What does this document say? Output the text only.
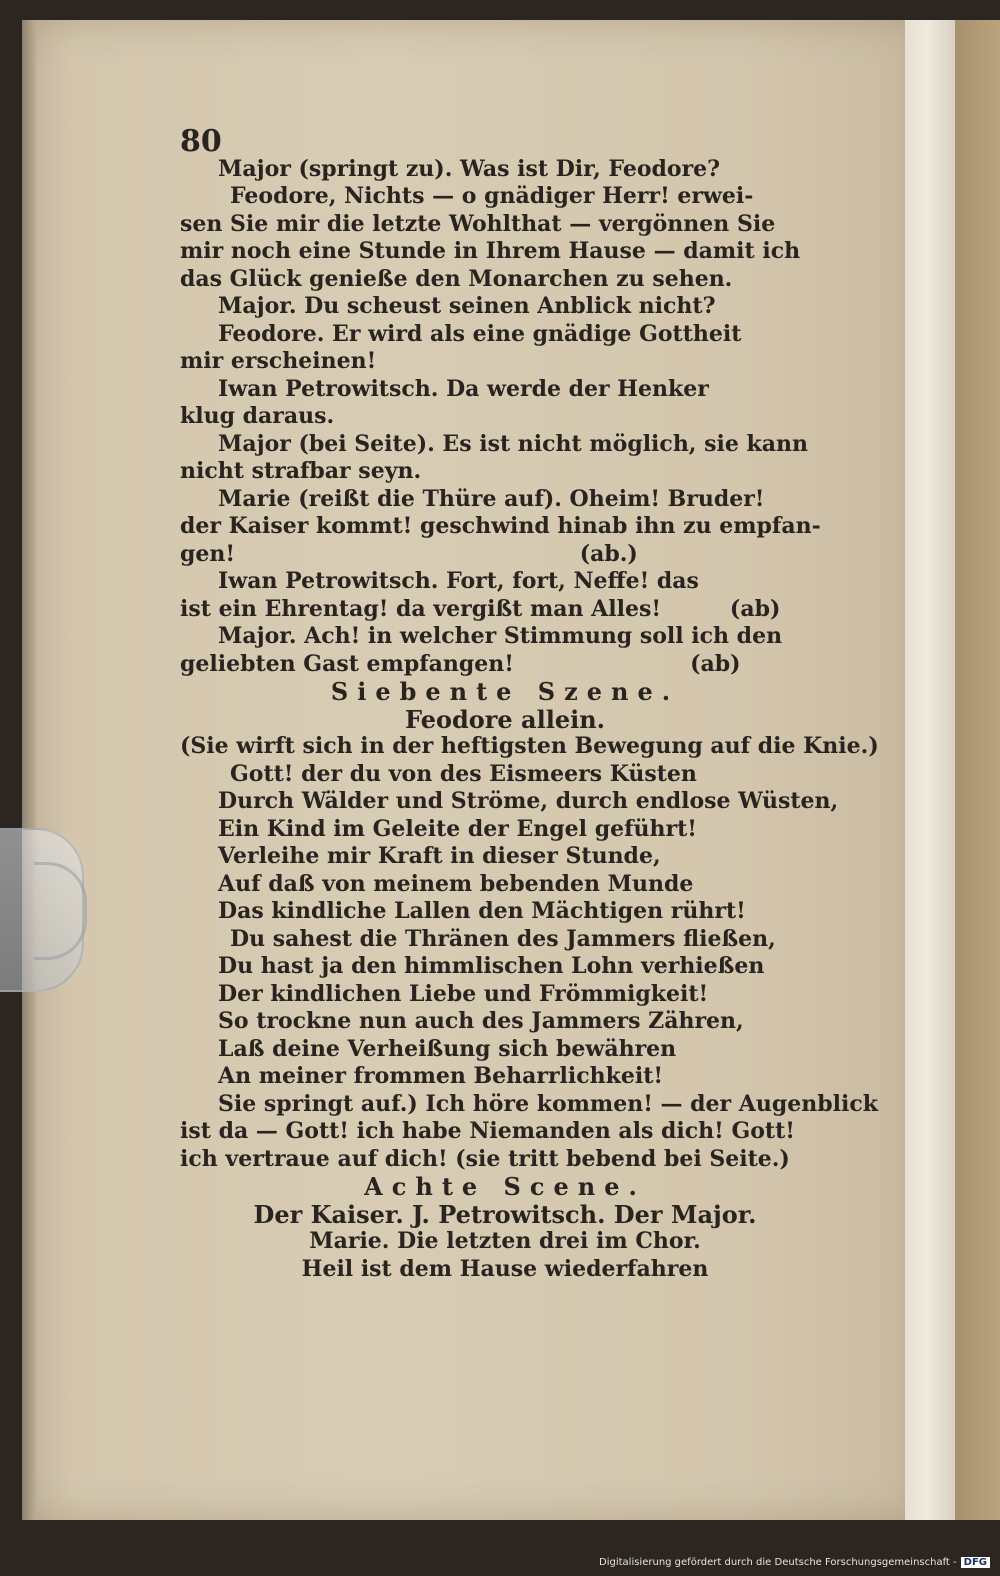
80

Major (springt zu). Was ist Dir, Feodore?

Feodore, Nichts — o gnädiger Herr! erwei-

sen Sie mir die letzte Wohlthat — vergönnen Sie

mir noch eine Stunde in Ihrem Hause — damit ich

das Glück genieße den Monarchen zu sehen.

Major. Du scheust seinen Anblick nicht?

Feodore. Er wird als eine gnädige Gottheit

mir erscheinen!

Iwan Petrowitsch. Da werde der Henker

klug daraus.

Major (bei Seite). Es ist nicht möglich, sie kann

nicht strafbar seyn.

Marie (reißt die Thüre auf). Oheim! Bruder!

der Kaiser kommt! geschwind hinab ihn zu empfan-

gen!                                             (ab.)

Iwan Petrowitsch. Fort, fort, Neffe! das

ist ein Ehrentag! da vergißt man Alles!         (ab)

Major. Ach! in welcher Stimmung soll ich den

geliebten Gast empfangen!                       (ab)

Siebente Szene.

Feodore allein.

(Sie wirft sich in der heftigsten Bewegung auf die Knie.)

Gott! der du von des Eismeers Küsten

Durch Wälder und Ströme, durch endlose Wüsten,

Ein Kind im Geleite der Engel geführt!

Verleihe mir Kraft in dieser Stunde,

Auf daß von meinem bebenden Munde

Das kindliche Lallen den Mächtigen rührt!

Du sahest die Thränen des Jammers fließen,

Du hast ja den himmlischen Lohn verhießen

Der kindlichen Liebe und Frömmigkeit!

So trockne nun auch des Jammers Zähren,

Laß deine Verheißung sich bewähren

An meiner frommen Beharrlichkeit!

Sie springt auf.) Ich höre kommen! — der Augenblick

ist da — Gott! ich habe Niemanden als dich! Gott!

ich vertraue auf dich! (sie tritt bebend bei Seite.)

Achte Scene.

Der Kaiser. J. Petrowitsch. Der Major.

Marie. Die letzten drei im Chor.

Heil ist dem Hause wiederfahren

Digitalisierung gefördert durch die Deutsche Forschungsgemeinschaft - DFG
